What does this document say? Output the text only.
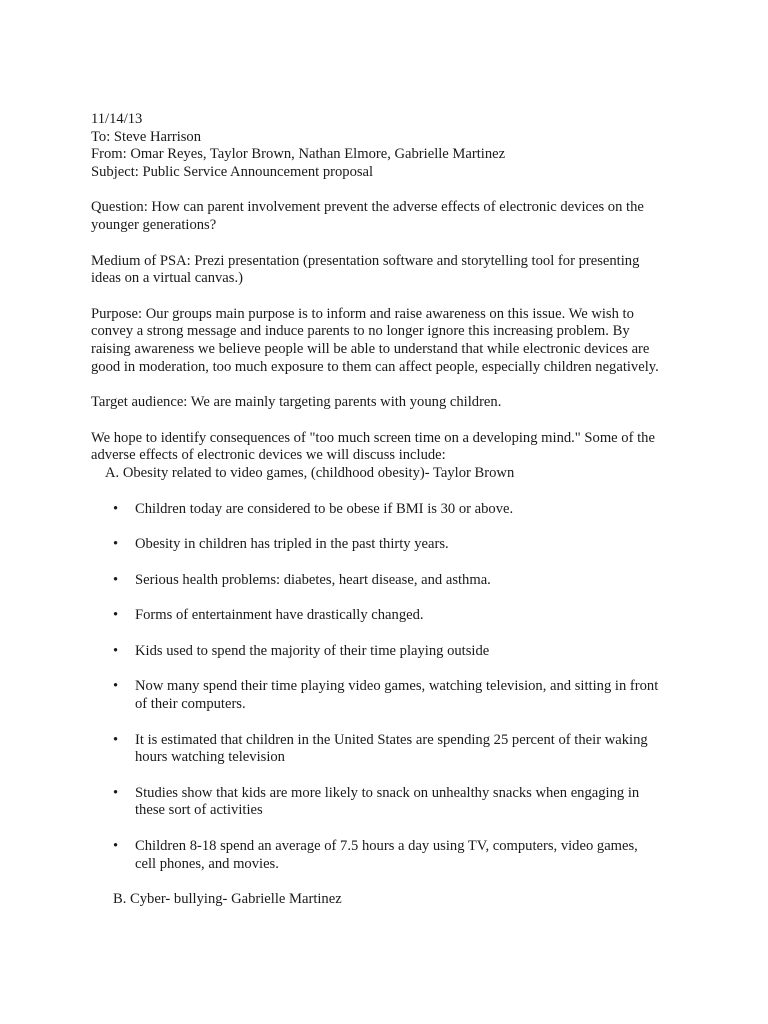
11/14/13
To: Steve Harrison
From: Omar Reyes, Taylor Brown, Nathan Elmore, Gabrielle Martinez
Subject: Public Service Announcement proposal
Question: How can parent involvement prevent the adverse effects of electronic devices on the
younger generations?
Medium of PSA: Prezi presentation (presentation software and storytelling tool for presenting
ideas on a virtual canvas.)
Purpose: Our groups main purpose is to inform and raise awareness on this issue. We wish to
convey a strong message and induce parents to no longer ignore this increasing problem. By
raising awareness we believe people will be able to understand that while electronic devices are
good in moderation, too much exposure to them can affect people, especially children negatively.
Target audience: We are mainly targeting parents with young children.
We hope to identify consequences of "too much screen time on a developing mind." Some of the
adverse effects of electronic devices we will discuss include:
A. Obesity related to video games, (childhood obesity)- Taylor Brown
• Children today are considered to be obese if BMI is 30 or above.
• Obesity in children has tripled in the past thirty years.
• Serious health problems: diabetes, heart disease, and asthma.
• Forms of entertainment have drastically changed.
• Kids used to spend the majority of their time playing outside
• Now many spend their time playing video games, watching television, and sitting in front
of their computers.
• It is estimated that children in the United States are spending 25 percent of their waking
hours watching television
• Studies show that kids are more likely to snack on unhealthy snacks when engaging in
these sort of activities
• Children 8-18 spend an average of 7.5 hours a day using TV, computers, video games,
cell phones, and movies.
B. Cyber- bullying- Gabrielle Martinez
